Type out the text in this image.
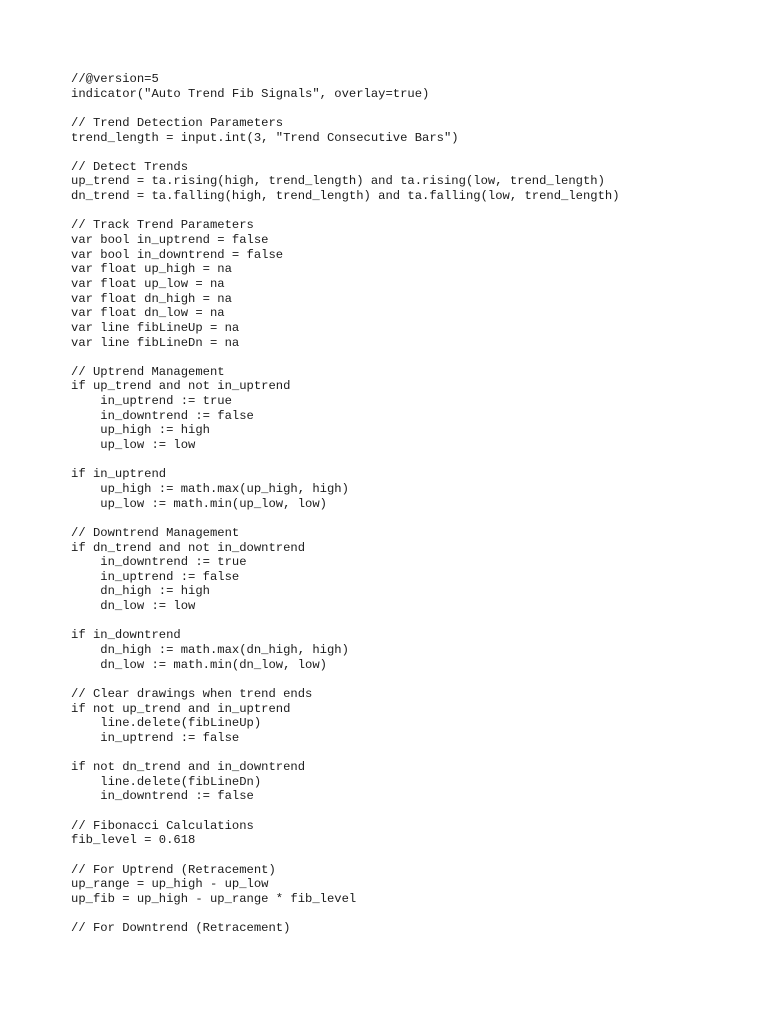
//@version=5
indicator("Auto Trend Fib Signals", overlay=true)
// Trend Detection Parameters
trend_length = input.int(3, "Trend Consecutive Bars")
// Detect Trends
up_trend = ta.rising(high, trend_length) and ta.rising(low, trend_length)
dn_trend = ta.falling(high, trend_length) and ta.falling(low, trend_length)
// Track Trend Parameters
var bool in_uptrend = false
var bool in_downtrend = false
var float up_high = na
var float up_low = na
var float dn_high = na
var float dn_low = na
var line fibLineUp = na
var line fibLineDn = na
// Uptrend Management
if up_trend and not in_uptrend
in_uptrend := true
in_downtrend := false
up_high := high
up_low := low
if in_uptrend
up_high := math.max(up_high, high)
up_low := math.min(up_low, low)
// Downtrend Management
if dn_trend and not in_downtrend
in_downtrend := true
in_uptrend := false
dn_high := high
dn_low := low
if in_downtrend
dn_high := math.max(dn_high, high)
dn_low := math.min(dn_low, low)
// Clear drawings when trend ends
if not up_trend and in_uptrend
line.delete(fibLineUp)
in_uptrend := false
if not dn_trend and in_downtrend
line.delete(fibLineDn)
in_downtrend := false
// Fibonacci Calculations
fib_level = 0.618
// For Uptrend (Retracement)
up_range = up_high - up_low
up_fib = up_high - up_range * fib_level
// For Downtrend (Retracement)
